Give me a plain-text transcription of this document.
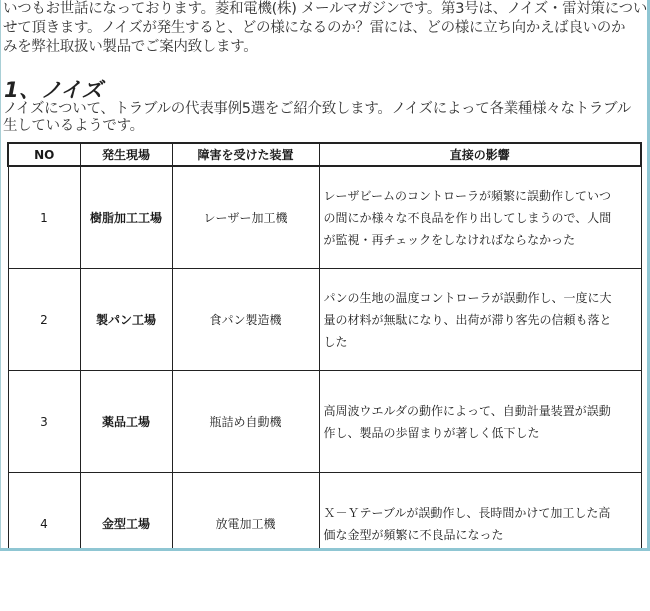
いつもお世話になっております。菱和電機(株) メールマガジンです。第3号は、ノイズ・雷対策につい
せて頂きます。ノイズが発生すると、どの様になるのか？雷には、どの様に立ち向かえば良いのか
みを弊社取扱い製品でご案内致します。
1、ノイズ
ノイズについて、トラブルの代表事例5選をご紹介致します。ノイズによって各業種様々なトラブル
生しているようです。
NO	発生現場	障害を受けた装置	直接の影響
1	樹脂加工工場	レーザー加工機	レーザビームのコントローラが頻繁に誤動作していつ
の間にか様々な不良品を作り出してしまうので、人間
が監視・再チェックをしなければならなかった

2	製パン工場	食パン製造機	パンの生地の温度コントローラが誤動作し、一度に大
量の材料が無駄になり、出荷が滞り客先の信頼も落と
した

3	薬品工場	瓶詰め自動機	高周波ウエルダの動作によって、自動計量装置が誤動
作し、製品の歩留まりが著しく低下した

4	金型工場	放電加工機	Ｘ－Ｙテーブルが誤動作し、長時間かけて加工した高
価な金型が頻繁に不良品になった
